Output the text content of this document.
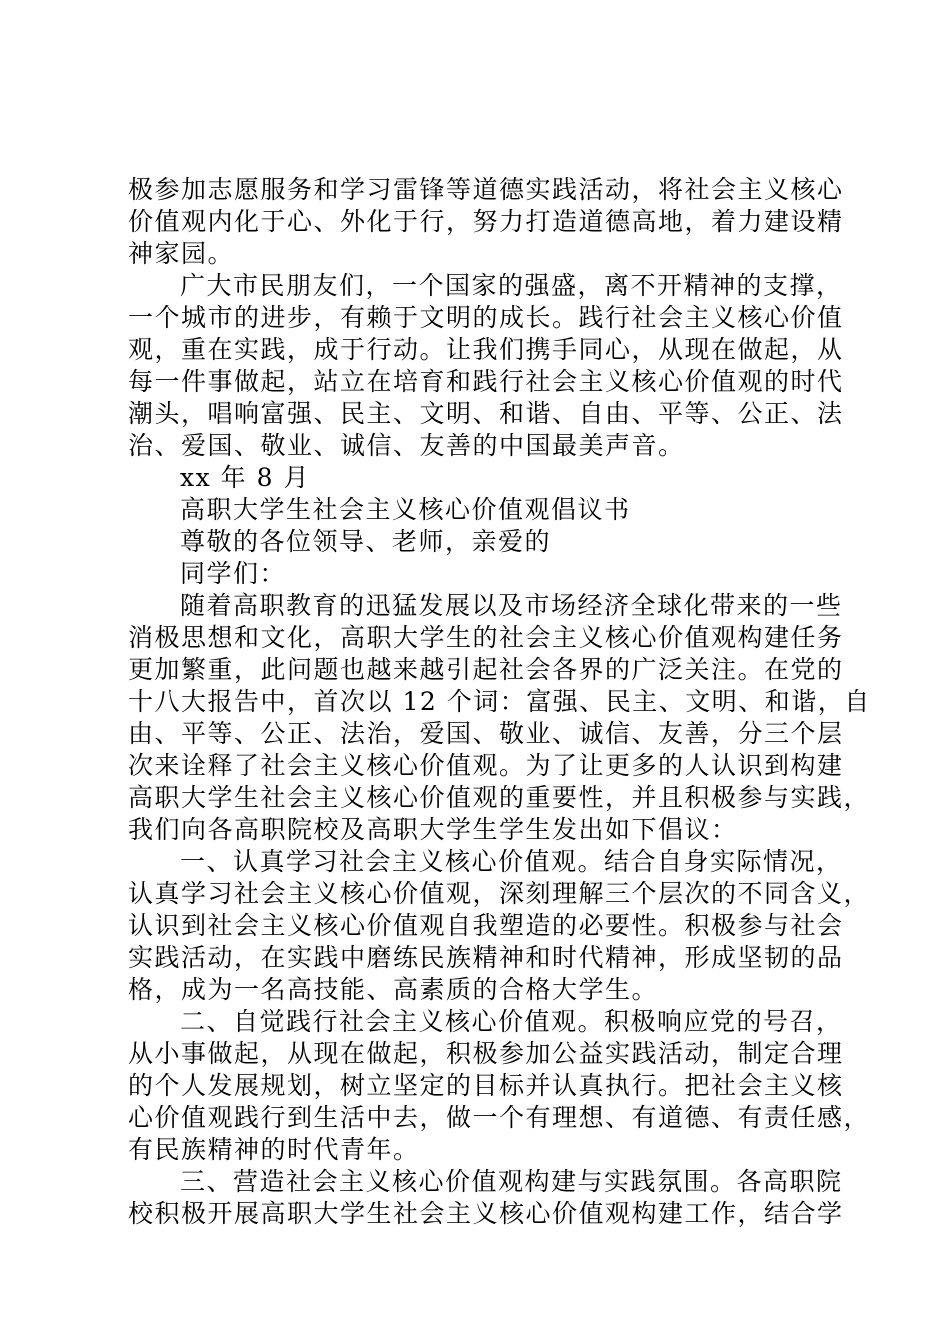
极参加志愿服务和学习雷锋等道德实践活动，将社会主义核心
价值观内化于心、外化于行，努力打造道德高地，着力建设精
神家园。
广大市民朋友们，一个国家的强盛，离不开精神的支撑，
一个城市的进步，有赖于文明的成长。践行社会主义核心价值
观，重在实践，成于行动。让我们携手同心，从现在做起，从
每一件事做起，站立在培育和践行社会主义核心价值观的时代
潮头，唱响富强、民主、文明、和谐、自由、平等、公正、法
治、爱国、敬业、诚信、友善的中国最美声音。
xx 年 8 月
高职大学生社会主义核心价值观倡议书
尊敬的各位领导、老师，亲爱的
同学们：
随着高职教育的迅猛发展以及市场经济全球化带来的一些
消极思想和文化，高职大学生的社会主义核心价值观构建任务
更加繁重，此问题也越来越引起社会各界的广泛关注。在党的
十八大报告中，首次以 12 个词：富强、民主、文明、和谐，自
由、平等、公正、法治，爱国、敬业、诚信、友善，分三个层
次来诠释了社会主义核心价值观。为了让更多的人认识到构建
高职大学生社会主义核心价值观的重要性，并且积极参与实践，
我们向各高职院校及高职大学生学生发出如下倡议：
一、认真学习社会主义核心价值观。结合自身实际情况，
认真学习社会主义核心价值观，深刻理解三个层次的不同含义，
认识到社会主义核心价值观自我塑造的必要性。积极参与社会
实践活动，在实践中磨练民族精神和时代精神，形成坚韧的品
格，成为一名高技能、高素质的合格大学生。
二、自觉践行社会主义核心价值观。积极响应党的号召，
从小事做起，从现在做起，积极参加公益实践活动，制定合理
的个人发展规划，树立坚定的目标并认真执行。把社会主义核
心价值观践行到生活中去，做一个有理想、有道德、有责任感，
有民族精神的时代青年。
三、营造社会主义核心价值观构建与实践氛围。各高职院
校积极开展高职大学生社会主义核心价值观构建工作，结合学
